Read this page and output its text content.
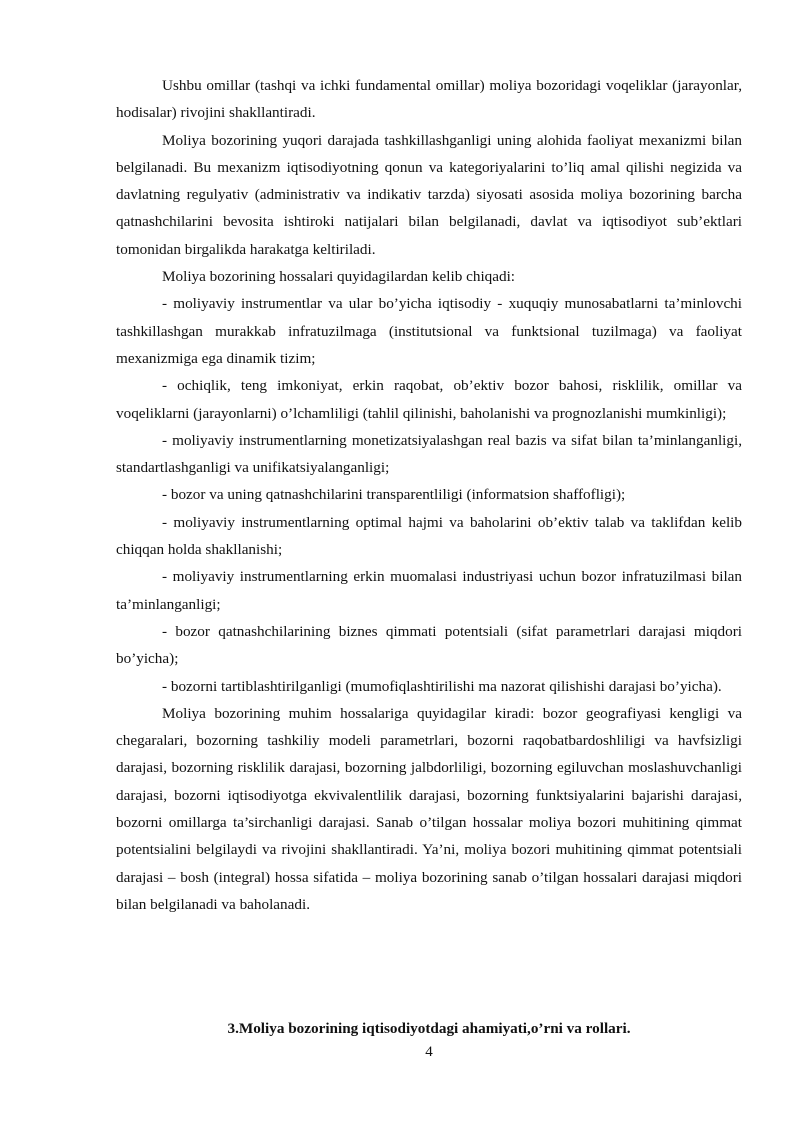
Ushbu omillar (tashqi va ichki fundamental omillar) moliya bozoridagi voqeliklar (jarayonlar, hodisalar) rivojini shakllantiradi.

Moliya bozorining yuqori darajada tashkillashganligi uning alohida faoliyat mexanizmi bilan belgilanadi. Bu mexanizm iqtisodiyotning qonun va kategoriyalarini to’liq amal qilishi negizida va davlatning regulyativ (administrativ va indikativ tarzda) siyosati asosida moliya bozorining barcha qatnashchilarini bevosita ishtiroki natijalari bilan belgilanadi, davlat va iqtisodiyot sub’ektlari tomonidan birgalikda harakatga keltiriladi.

Moliya bozorining hossalari quyidagilardan kelib chiqadi:

- moliyaviy instrumentlar va ular bo’yicha iqtisodiy - xuquqiy munosabatlarni ta’minlovchi tashkillashgan murakkab infratuzilmaga (institutsional va funktsional tuzilmaga) va faoliyat mexanizmiga ega dinamik tizim;

- ochiqlik, teng imkoniyat, erkin raqobat, ob’ektiv bozor bahosi, risklilik, omillar va voqeliklarni (jarayonlarni) o’lchamliligi (tahlil qilinishi, baholanishi va prognozlanishi mumkinligi);

- moliyaviy instrumentlarning monetizatsiyalashgan real bazis va sifat bilan ta’minlanganligi, standartlashganligi va unifikatsiyalanganligi;

- bozor va uning qatnashchilarini transparentliligi (informatsion shaffofligi);

- moliyaviy instrumentlarning optimal hajmi va baholarini ob’ektiv talab va taklifdan kelib chiqqan holda shakllanishi;

- moliyaviy instrumentlarning erkin muomalasi industriyasi uchun bozor infratuzilmasi bilan ta’minlanganligi;

- bozor qatnashchilarining biznes qimmati potentsiali (sifat parametrlari darajasi miqdori bo’yicha);

- bozorni tartiblashtirilganligi (mumofiqlashtirilishi ma nazorat qilishishi darajasi bo’yicha).

Moliya bozorining muhim hossalariga quyidagilar kiradi: bozor geografiyasi kengligi va chegaralari, bozorning tashkiliy modeli parametrlari, bozorni raqobatbardoshliligi va havfsizligi darajasi, bozorning risklilik darajasi, bozorning jalbdorliligi, bozorning egiluvchan moslashuvchanligi darajasi, bozorni iqtisodiyotga ekvivalentlilik darajasi, bozorning funktsiyalarini bajarishi darajasi, bozorni omillarga ta’sirchanligi darajasi. Sanab o’tilgan hossalar moliya bozori muhitining qimmat potentsialini belgilaydi va rivojini shakllantiradi. Ya’ni, moliya bozori muhitining qimmat potentsiali darajasi – bosh (integral) hossa sifatida – moliya bozorining sanab o’tilgan hossalari darajasi miqdori bilan belgilanadi va baholanadi.

3.Moliya bozorining iqtisodiyotdagi ahamiyati,o’rni va rollari.
4
